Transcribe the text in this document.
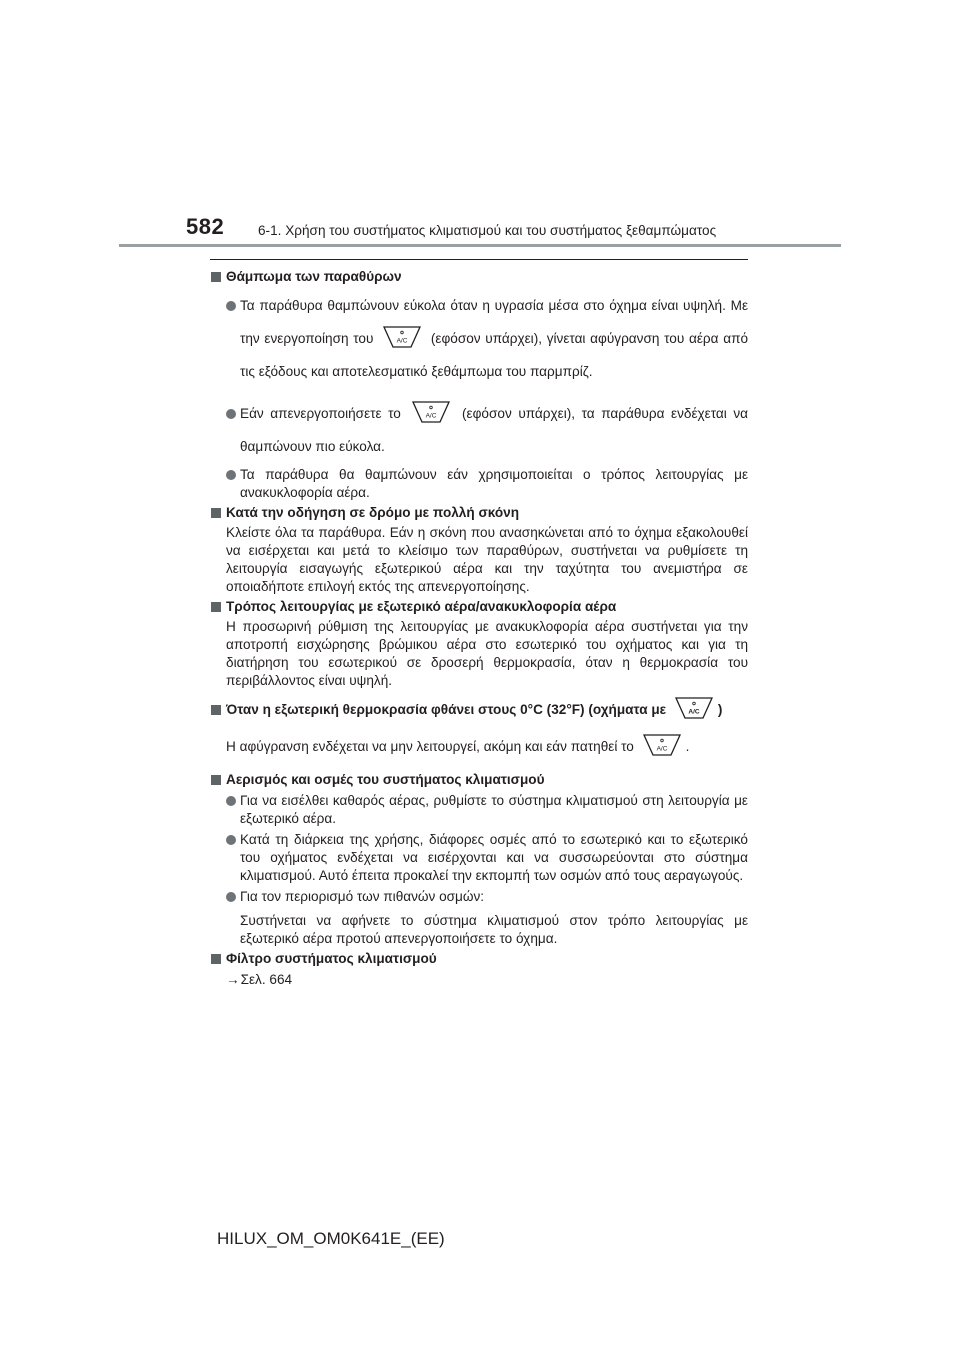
582 6-1. Χρήση του συστήματος κλιματισμού και του συστήματος ξεθαμπώματος
Θάμπωμα των παραθύρων
Τα παράθυρα θαμπώνουν εύκολα όταν η υγρασία μέσα στο όχημα είναι υψηλή. Με την ενεργοποίηση του	A/C (εφόσον υπάρχει), γίνεται αφύγρανση του αέρα από τις εξόδους και αποτελεσματικό ξεθάμπωμα του παρμπρίζ.
Εάν απενεργοποιήσετε το	A/C (εφόσον υπάρχει), τα παράθυρα ενδέχεται να θαμπώνουν πιο εύκολα.
Τα παράθυρα θα θαμπώνουν εάν χρησιμοποιείται ο τρόπος λειτουργίας με ανακυκλοφορία αέρα.
Κατά την οδήγηση σε δρόμο με πολλή σκόνη
Κλείστε όλα τα παράθυρα. Εάν η σκόνη που ανασηκώνεται από το όχημα εξακολουθεί να εισέρχεται και μετά το κλείσιμο των παραθύρων, συστήνεται να ρυθμίσετε τη λειτουργία εισαγωγής εξωτερικού αέρα και την ταχύτητα του ανεμιστήρα σε οποιαδήποτε επιλογή εκτός της απενεργοποίησης.
Τρόπος λειτουργίας με εξωτερικό αέρα/ανακυκλοφορία αέρα
Η προσωρινή ρύθμιση της λειτουργίας με ανακυκλοφορία αέρα συστήνεται για την αποτροπή εισχώρησης βρώμικου αέρα στο εσωτερικό του οχήματος και για τη διατήρηση του εσωτερικού σε δροσερή θερμοκρασία, όταν η θερμοκρασία του περιβάλλοντος είναι υψηλή.
Όταν η εξωτερική θερμοκρασία φθάνει στους 0°C (32°F) (οχήματα με	A/C )
Η αφύγρανση ενδέχεται να μην λειτουργεί, ακόμη και εάν πατηθεί το	A/C .
Αερισμός και οσμές του συστήματος κλιματισμού
Για να εισέλθει καθαρός αέρας, ρυθμίστε το σύστημα κλιματισμού στη λειτουργία με εξωτερικό αέρα.
Κατά τη διάρκεια της χρήσης, διάφορες οσμές από το εσωτερικό και το εξωτερικό του οχήματος ενδέχεται να εισέρχονται και να συσσωρεύονται στο σύστημα κλιματισμού. Αυτό έπειτα προκαλεί την εκπομπή των οσμών από τους αεραγωγούς.
Για τον περιορισμό των πιθανών οσμών:
Συστήνεται να αφήνετε το σύστημα κλιματισμού στον τρόπο λειτουργίας με εξωτερικό αέρα προτού απενεργοποιήσετε το όχημα.
Φίλτρο συστήματος κλιματισμού
→Σελ. 664
HILUX_OM_OM0K641E_(EE)
